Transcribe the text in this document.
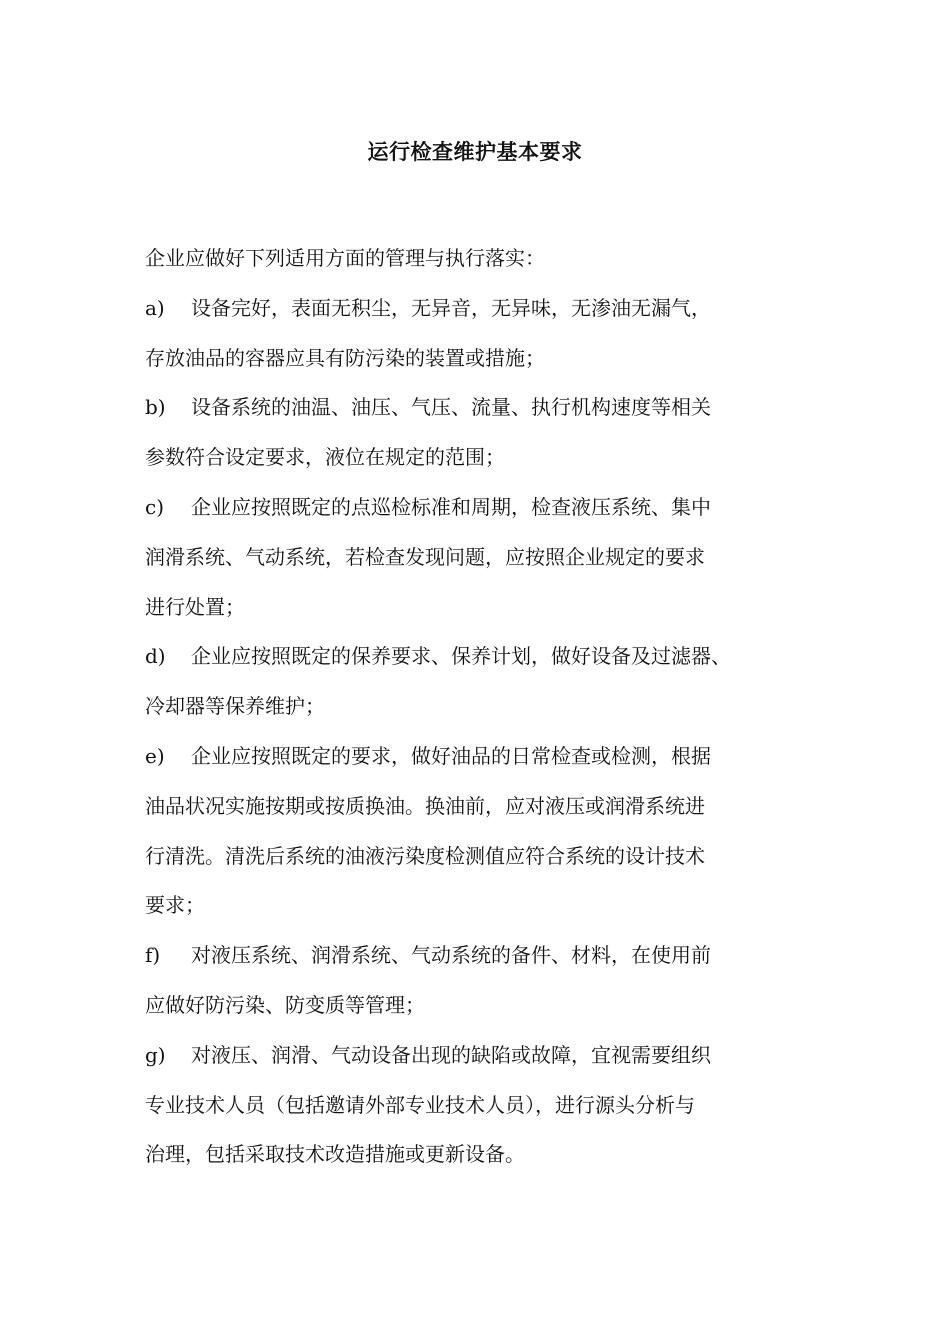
运行检查维护基本要求
企业应做好下列适用方面的管理与执行落实：
a) 设备完好，表面无积尘，无异音，无异味，无渗油无漏气，
存放油品的容器应具有防污染的装置或措施；
b) 设备系统的油温、油压、气压、流量、执行机构速度等相关
参数符合设定要求，液位在规定的范围；
c) 企业应按照既定的点巡检标准和周期，检查液压系统、集中
润滑系统、气动系统，若检查发现问题，应按照企业规定的要求
进行处置；
d) 企业应按照既定的保养要求、保养计划，做好设备及过滤器、
冷却器等保养维护；
e) 企业应按照既定的要求，做好油品的日常检查或检测，根据
油品状况实施按期或按质换油。换油前，应对液压或润滑系统进
行清洗。清洗后系统的油液污染度检测值应符合系统的设计技术
要求；
f) 对液压系统、润滑系统、气动系统的备件、材料，在使用前
应做好防污染、防变质等管理；
g) 对液压、润滑、气动设备出现的缺陷或故障，宜视需要组织
专业技术人员（包括邀请外部专业技术人员），进行源头分析与
治理，包括采取技术改造措施或更新设备。
